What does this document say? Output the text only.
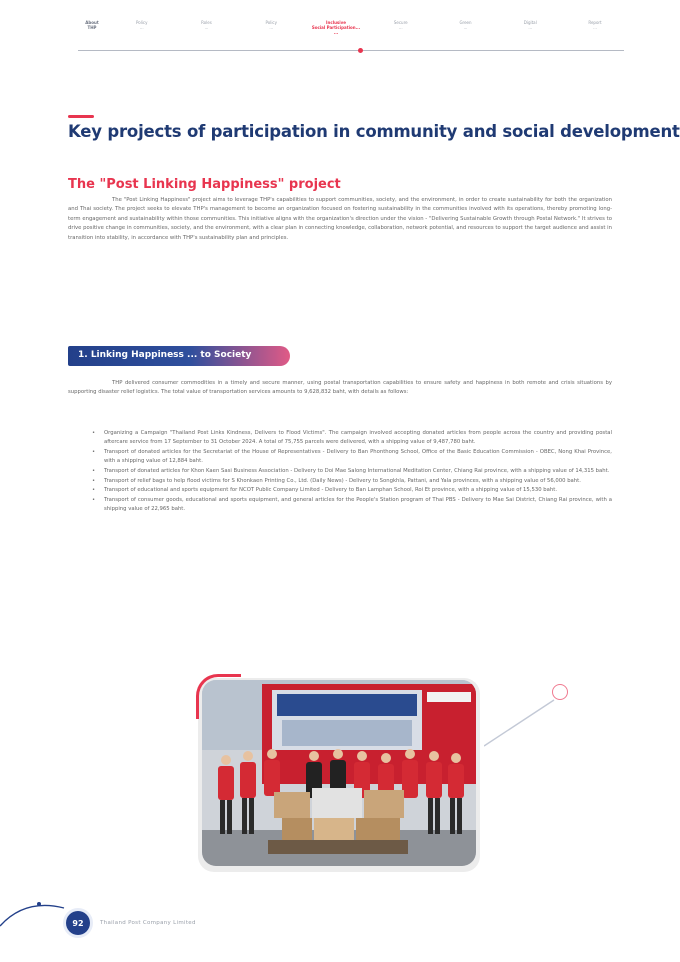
About
THP
Policy
...
Roles
...
Policy
...
Inclusive
Social Participation...
...
Secure
...
Green
...
Digital
...
Report
...
Key projects of participation in community and social development
The "Post Linking Happiness" project

The "Post Linking Happiness" project aims to leverage THP's capabilities to support communities, society, and the environment, in order to create sustainability for both the organization and Thai society. The project seeks to elevate THP's management to become an organization focused on fostering sustainability in the communities involved with its operations, thereby promoting long-term engagement and sustainability within those communities. This initiative aligns with the organization's direction under the vision - "Delivering Sustainable Growth through Postal Network." It strives to drive positive change in communities, society, and the environment, with a clear plan in connecting knowledge, collaboration, network potential, and resources to support the target audience and assist in transition into stability, in accordance with THP's sustainability plan and principles.

1. Linking Happiness ... to Society

THP delivered consumer commodities in a timely and secure manner, using postal transportation capabilities to ensure safety and happiness in both remote and crisis situations by supporting disaster relief logistics. The total value of transportation services amounts to 9,628,832 baht, with details as follows:

• Organizing a Campaign "Thailand Post Links Kindness, Delivers to Flood Victims". The campaign involved accepting donated articles from people across the country and providing postal aftercare service from 17 September to 31 October 2024. A total of 75,755 parcels were delivered, with a shipping value of 9,487,780 baht.
• Transport of donated articles for the Secretariat of the House of Representatives - Delivery to Ban Phonthong School, Office of the Basic Education Commission - OBEC, Nong Khai Province, with a shipping value of 12,884 baht.
• Transport of donated articles for Khon Kaen Sasi Business Association - Delivery to Doi Mae Salong International Meditation Center, Chiang Rai province, with a shipping value of 14,315 baht.
• Transport of relief bags to help flood victims for S Khonkaen Printing Co., Ltd. (Daily News) - Delivery to Songkhla, Pattani, and Yala provinces, with a shipping value of 56,000 baht.
• Transport of educational and sports equipment for NCOT Public Company Limited - Delivery to Ban Lamphan School, Roi Et province, with a shipping value of 15,530 baht.
• Transport of consumer goods, educational and sports equipment, and general articles for the People's Station program of Thai PBS - Delivery to Mae Sai District, Chiang Rai province, with a shipping value of 22,965 baht.
92	Thailand Post Company Limited
